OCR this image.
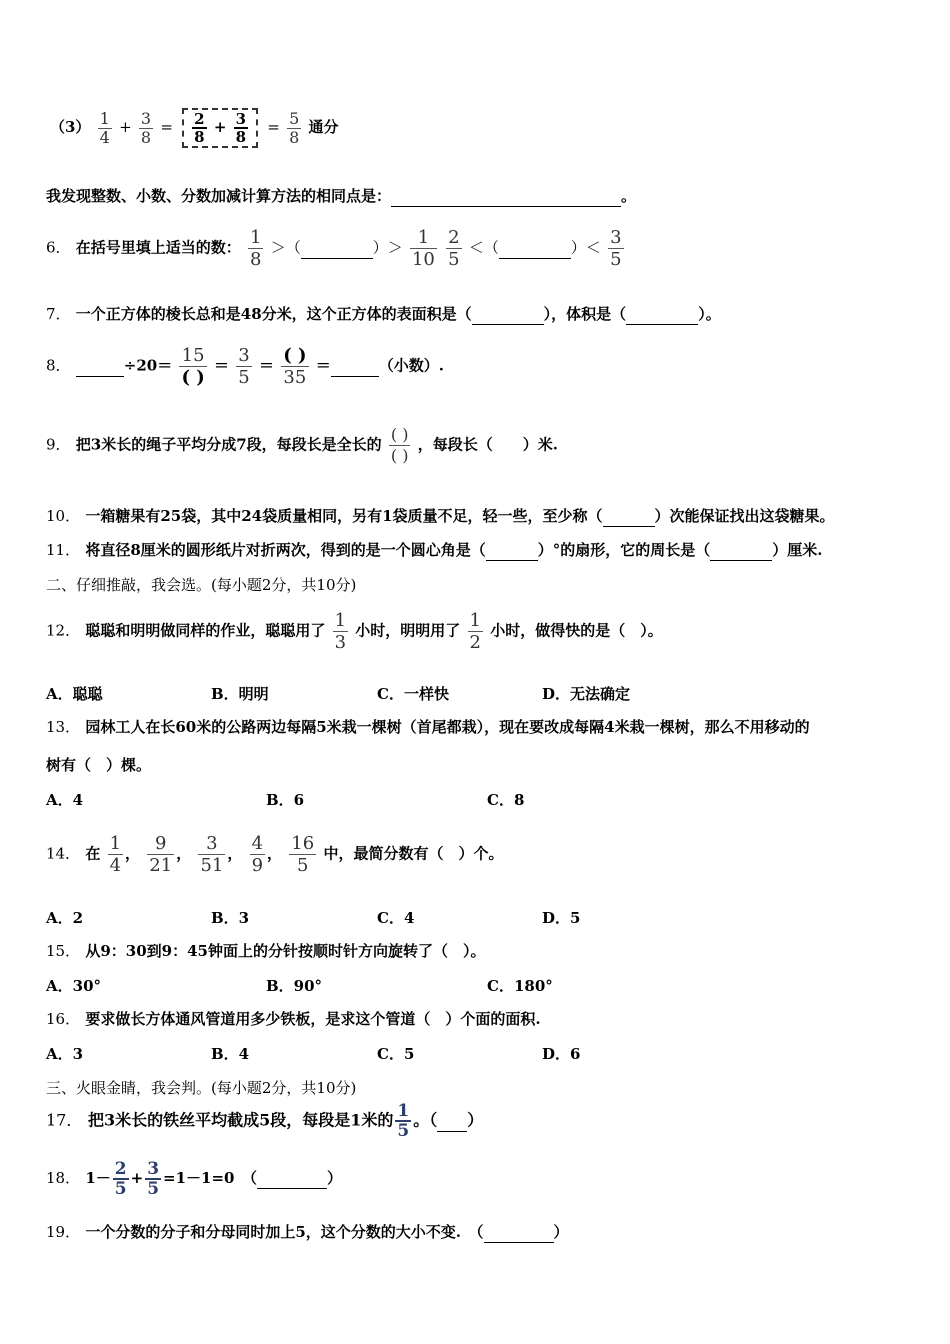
$(3) \frac{1}{4} + \frac{3}{8} = \frac{2}{8} + \frac{3}{8} = \frac{5}{8}$ 通分
我发现整数、小数、分数加减计算方法的相同点是：	。
6． 在括号里填上适当的数： $\frac{1}{8}$ ＞（	）＞ $\frac{1}{10}$
$\frac{2}{5}$ ＜（	）＜ $\frac{3}{5}$
7． 一个正方体的棱长总和是48分米，这个正方体的表面积是（	），体积是（	）。
8．	$\div 20= \frac{15}{( )} = \frac{3}{5} = \frac{( )}{35}$ ＝	（小数）.
9． 把3米长的绳子平均分成7段，每段长是全长的 $\frac{( )}{( )}$ ，每段长（　　）米.
10． 一箱糖果有25袋，其中24袋质量相同，另有1袋质量不足，轻一些，至少称（	）次能保证找出这袋糖果。
11． 将直径8厘米的圆形纸片对折两次，得到的是一个圆心角是（	）°的扇形，它的周长是（	）厘米.
二、仔细推敲，我会选。(每小题2分，共10分)
12． 聪聪和明明做同样的作业，聪聪用了 $\frac{1}{3}$ 小时，明明用了 $\frac{1}{2}$ 小时，做得快的是（　）。
A．聪聪	B．明明	C．一样快	D．无法确定
13． 园林工人在长60米的公路两边每隔5米栽一棵树（首尾都栽），现在要改成每隔4米栽一棵树，那么不用移动的
树有（　）棵。
A．4	B．6	C．8
14． 在 $\frac{1}{4}$ ， $\frac{9}{21}$ ， $\frac{3}{51}$ ， $\frac{4}{9}$ ， $\frac{16}{5}$ 中，最简分数有（　）个。
A．2	B．3	C．4	D．5
15． 从9：30到9：45钟面上的分针按顺时针方向旋转了（　）。
A．30°	B．90°	C．180°
16． 要求做长方体通风管道用多少铁板，是求这个管道（　）个面的面积.
A．3	B．4	C．5	D．6
三、火眼金睛，我会判。(每小题2分，共10分)
17． 把3米长的铁丝平均截成5段，每段是1米的 $\frac{1}{5}$ 。（ ）
18． $1- \frac{2}{5} + \frac{3}{5} =1-1=0$　（	）
19． 一个分数的分子和分母同时加上5，这个分数的大小不变.　（	）
